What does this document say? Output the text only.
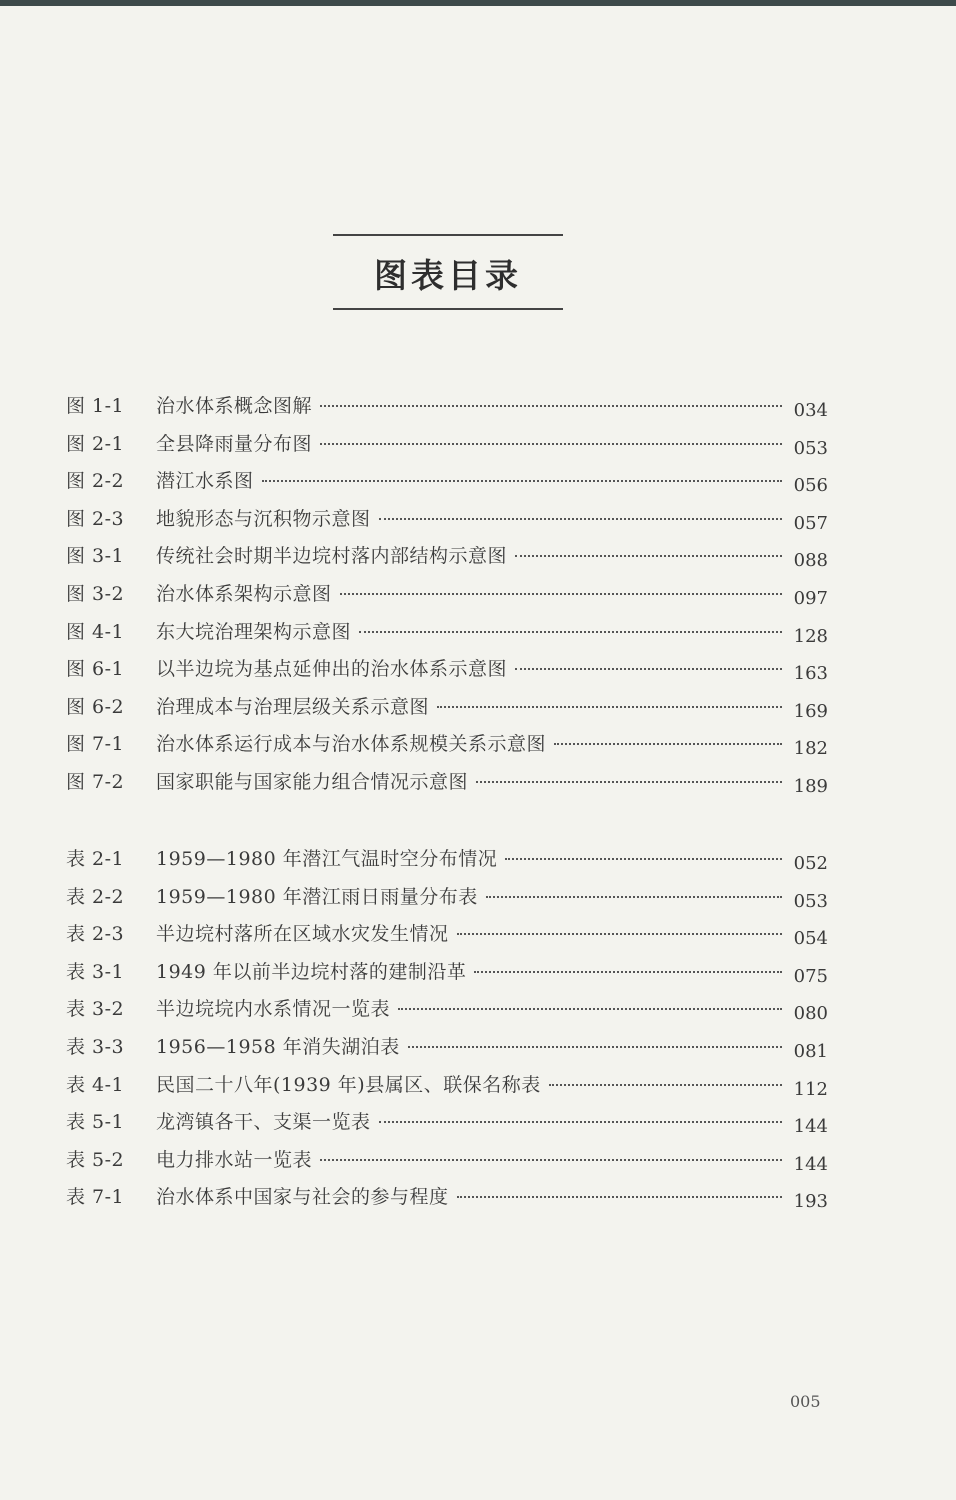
图表目录
图 1-1	治水体系概念图解	034
图 2-1	全县降雨量分布图	053
图 2-2	潜江水系图	056
图 2-3	地貌形态与沉积物示意图	057
图 3-1	传统社会时期半边垸村落内部结构示意图	088
图 3-2	治水体系架构示意图	097
图 4-1	东大垸治理架构示意图	128
图 6-1	以半边垸为基点延伸出的治水体系示意图	163
图 6-2	治理成本与治理层级关系示意图	169
图 7-1	治水体系运行成本与治水体系规模关系示意图	182
图 7-2	国家职能与国家能力组合情况示意图	189
表 2-1	1959—1980 年潜江气温时空分布情况	052
表 2-2	1959—1980 年潜江雨日雨量分布表	053
表 2-3	半边垸村落所在区域水灾发生情况	054
表 3-1	1949 年以前半边垸村落的建制沿革	075
表 3-2	半边垸垸内水系情况一览表	080
表 3-3	1956—1958 年消失湖泊表	081
表 4-1	民国二十八年(1939 年)县属区、联保名称表	112
表 5-1	龙湾镇各干、支渠一览表	144
表 5-2	电力排水站一览表	144
表 7-1	治水体系中国家与社会的参与程度	193
005
